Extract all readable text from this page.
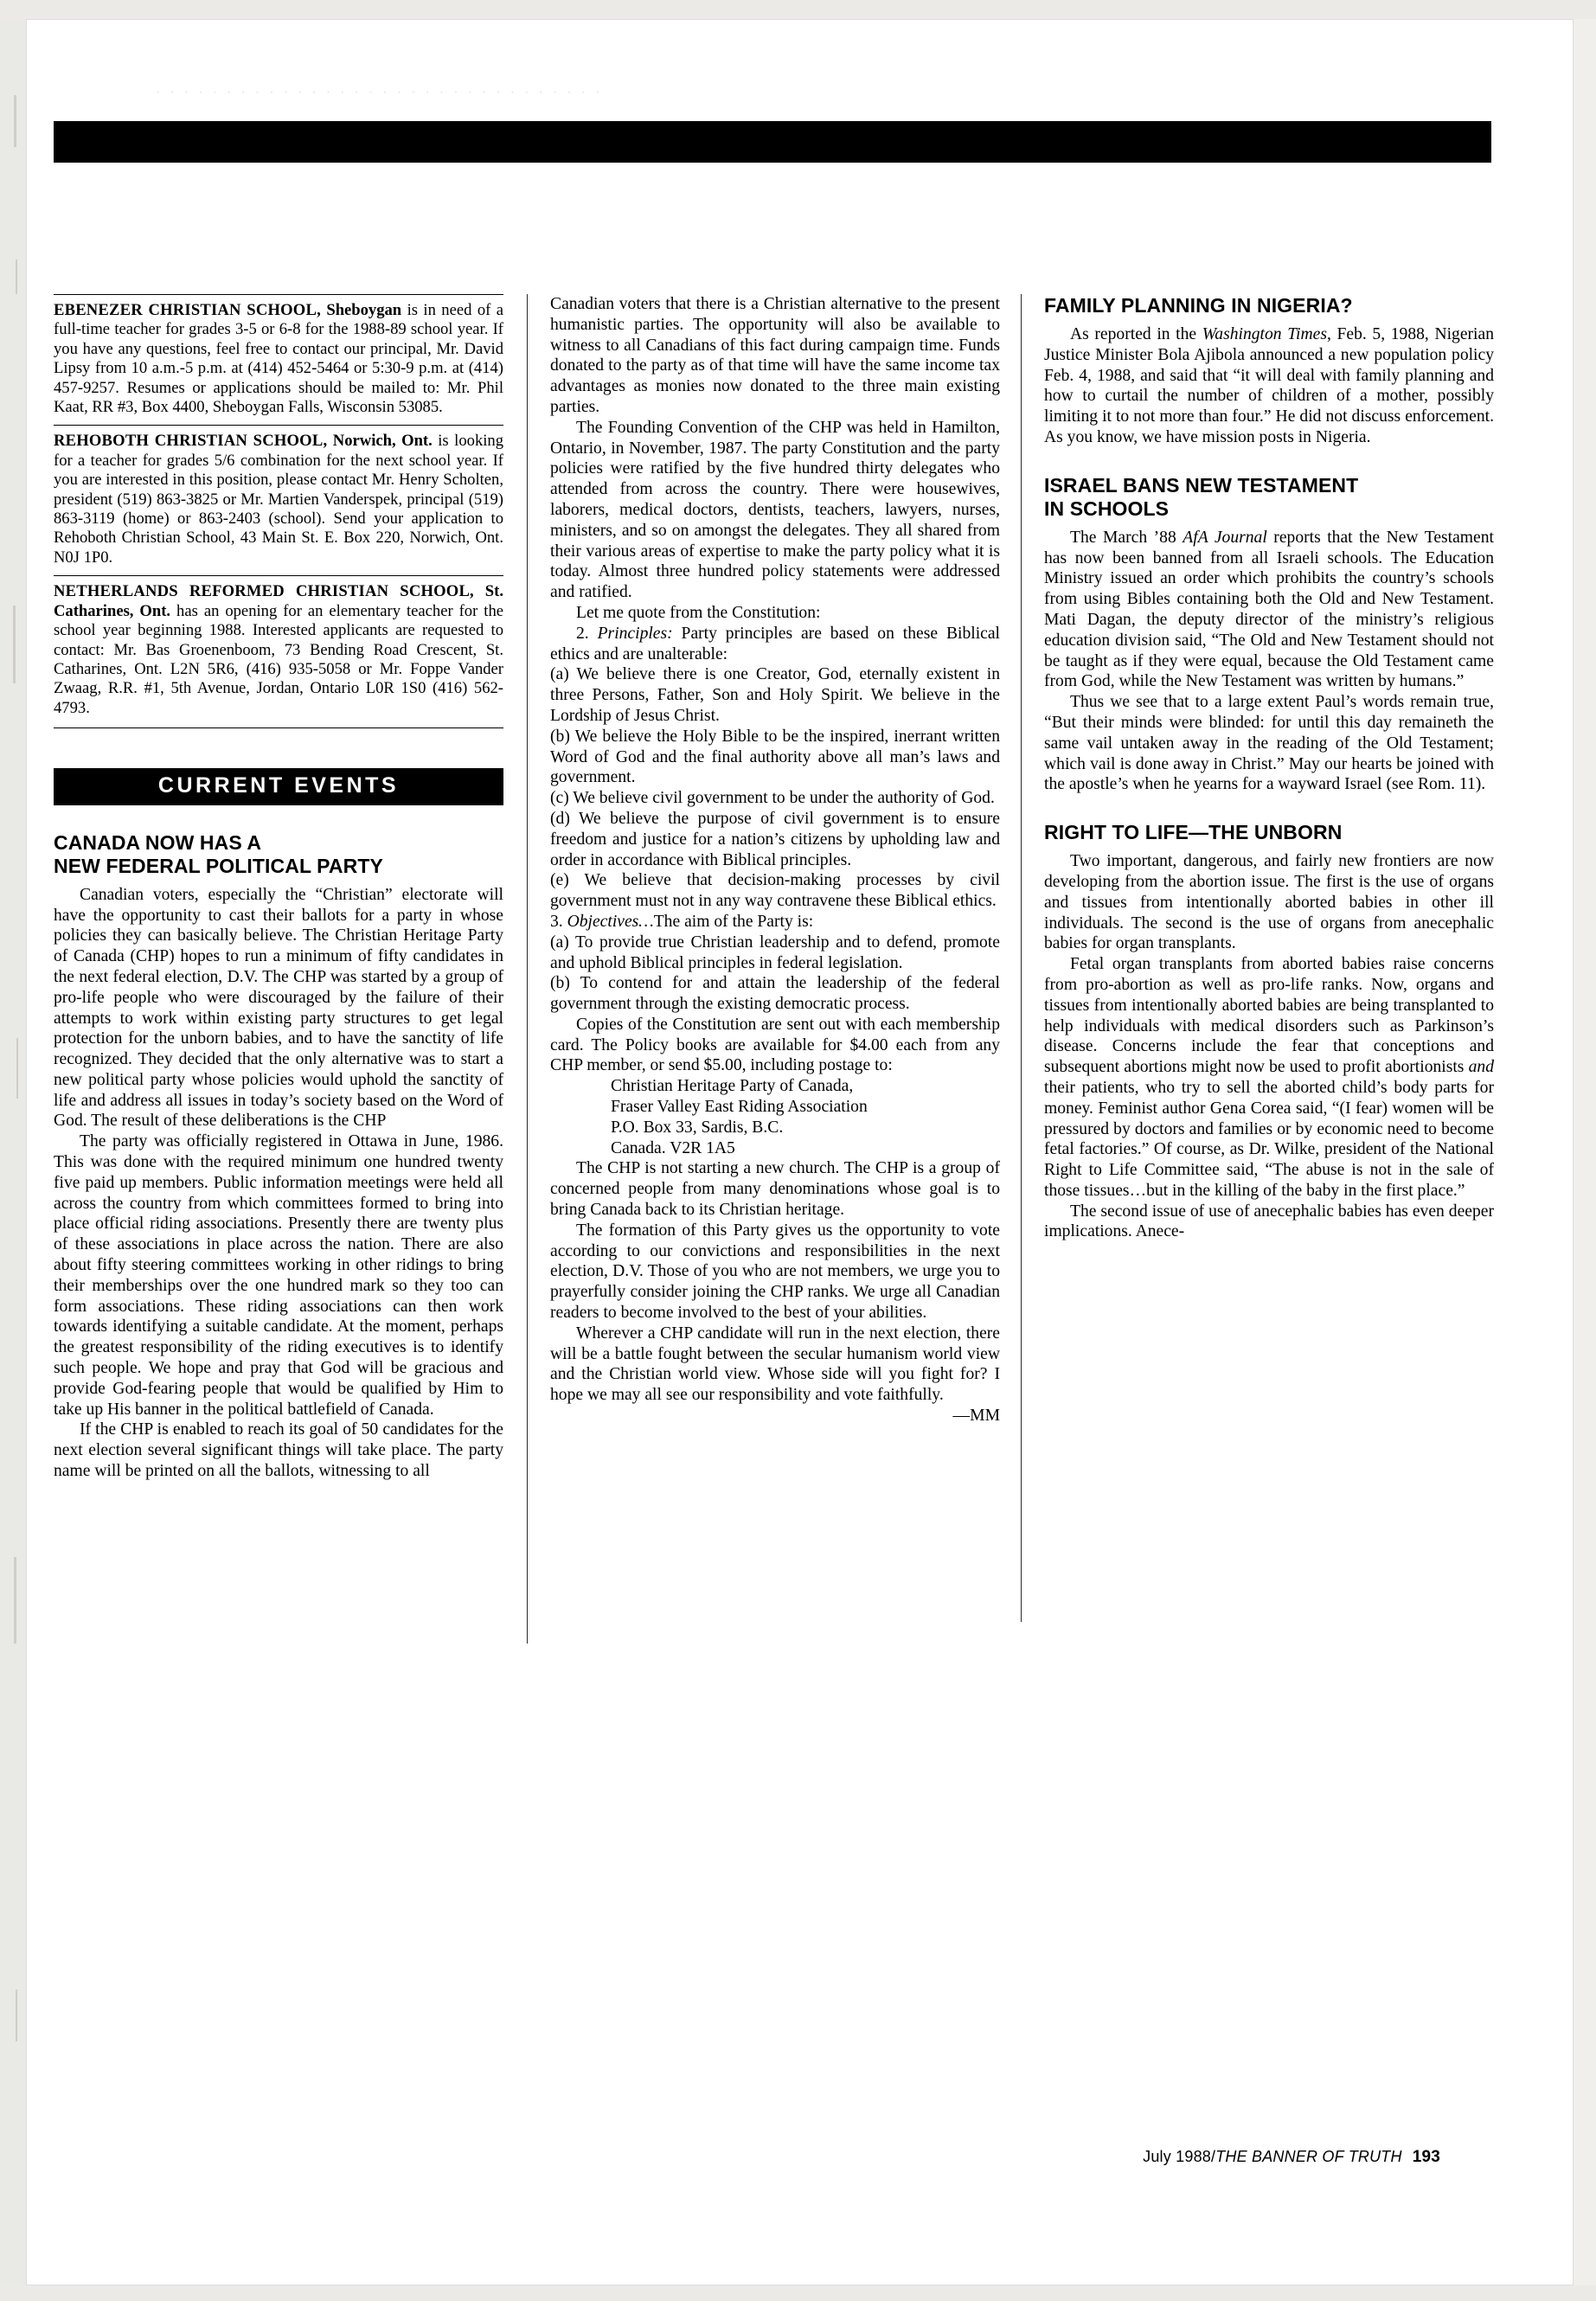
· · · · · · · · · · · · · · · · · · · · · · · · · · · · · · · ·
EBENEZER CHRISTIAN SCHOOL, Sheboygan is in need of a full-time teacher for grades 3-5 or 6-8 for the 1988-89 school year. If you have any questions, feel free to contact our principal, Mr. David Lipsy from 10 a.m.-5 p.m. at (414) 452-5464 or 5:30-9 p.m. at (414) 457-9257. Resumes or applications should be mailed to: Mr. Phil Kaat, RR #3, Box 4400, Sheboygan Falls, Wisconsin 53085.
REHOBOTH CHRISTIAN SCHOOL, Norwich, Ont. is looking for a teacher for grades 5/6 combination for the next school year. If you are interested in this position, please contact Mr. Henry Scholten, president (519) 863-3825 or Mr. Martien Vanderspek, principal (519) 863-3119 (home) or 863-2403 (school). Send your application to Rehoboth Christian School, 43 Main St. E. Box 220, Norwich, Ont. N0J 1P0.
NETHERLANDS REFORMED CHRISTIAN SCHOOL, St. Catharines, Ont. has an opening for an elementary teacher for the school year beginning 1988. Interested applicants are requested to contact: Mr. Bas Groenenboom, 73 Bending Road Crescent, St. Catharines, Ont. L2N 5R6, (416) 935-5058 or Mr. Foppe Vander Zwaag, R.R. #1, 5th Avenue, Jordan, Ontario L0R 1S0 (416) 562-4793.
CURRENT EVENTS
CANADA NOW HAS A
NEW FEDERAL POLITICAL PARTY

Canadian voters, especially the “Christian” electorate will have the opportunity to cast their ballots for a party in whose policies they can basically believe. The Christian Heritage Party of Canada (CHP) hopes to run a minimum of fifty candidates in the next federal election, D.V. The CHP was started by a group of pro-life people who were discouraged by the failure of their attempts to work within existing party structures to get legal protection for the unborn babies, and to have the sanctity of life recognized. They decided that the only alternative was to start a new political party whose policies would uphold the sanctity of life and address all issues in today’s society based on the Word of God. The result of these deliberations is the CHP

The party was officially registered in Ottawa in June, 1986. This was done with the required minimum one hundred twenty five paid up members. Public information meetings were held all across the country from which committees formed to bring into place official riding associations. Presently there are twenty plus of these associations in place across the nation. There are also about fifty steering committees working in other ridings to bring their memberships over the one hundred mark so they too can form associations. These riding associations can then work towards identifying a suitable candidate. At the moment, perhaps the greatest responsibility of the riding executives is to identify such people. We hope and pray that God will be gracious and provide God-fearing people that would be qualified by Him to take up His banner in the political battlefield of Canada.

If the CHP is enabled to reach its goal of 50 candidates for the next election several significant things will take place. The party name will be printed on all the ballots, witnessing to all

Canadian voters that there is a Christian alternative to the present humanistic parties. The opportunity will also be available to witness to all Canadians of this fact during campaign time. Funds donated to the party as of that time will have the same income tax advantages as monies now donated to the three main existing parties.

The Founding Convention of the CHP was held in Hamilton, Ontario, in November, 1987. The party Constitution and the party policies were ratified by the five hundred thirty delegates who attended from across the country. There were housewives, laborers, medical doctors, dentists, teachers, lawyers, nurses, ministers, and so on amongst the delegates. They all shared from their various areas of expertise to make the party policy what it is today. Almost three hundred policy statements were addressed and ratified.

Let me quote from the Constitution:

2. Principles: Party principles are based on these Biblical ethics and are unalterable:

(a) We believe there is one Creator, God, eternally existent in three Persons, Father, Son and Holy Spirit. We believe in the Lordship of Jesus Christ.

(b) We believe the Holy Bible to be the inspired, inerrant written Word of God and the final authority above all man’s laws and government.

(c) We believe civil government to be under the authority of God.

(d) We believe the purpose of civil government is to ensure freedom and justice for a nation’s citizens by upholding law and order in accordance with Biblical principles.

(e) We believe that decision-making processes by civil government must not in any way contravene these Biblical ethics.

3. Objectives…The aim of the Party is:

(a) To provide true Christian leadership and to defend, promote and uphold Biblical principles in federal legislation.

(b) To contend for and attain the leadership of the federal government through the existing democratic process.

Copies of the Constitution are sent out with each membership card. The Policy books are available for $4.00 each from any CHP member, or send $5.00, including postage to:

Christian Heritage Party of Canada,

Fraser Valley East Riding Association

P.O. Box 33, Sardis, B.C.

Canada. V2R 1A5

The CHP is not starting a new church. The CHP is a group of concerned people from many denominations whose goal is to bring Canada back to its Christian heritage.

The formation of this Party gives us the opportunity to vote according to our convictions and responsibilities in the next election, D.V. Those of you who are not members, we urge you to prayerfully consider joining the CHP ranks. We urge all Canadian readers to become involved to the best of your abilities.

Wherever a CHP candidate will run in the next election, there will be a battle fought between the secular humanism world view and the Christian world view. Whose side will you fight for? I hope we may all see our responsibility and vote faithfully.

—MM

FAMILY PLANNING IN NIGERIA?

As reported in the Washington Times, Feb. 5, 1988, Nigerian Justice Minister Bola Ajibola announced a new population policy Feb. 4, 1988, and said that “it will deal with family planning and how to curtail the number of children of a mother, possibly limiting it to not more than four.” He did not discuss enforcement. As you know, we have mission posts in Nigeria.

ISRAEL BANS NEW TESTAMENT
IN SCHOOLS

The March ’88 AfA Journal reports that the New Testament has now been banned from all Israeli schools. The Education Ministry issued an order which prohibits the country’s schools from using Bibles containing both the Old and New Testament. Mati Dagan, the deputy director of the ministry’s religious education division said, “The Old and New Testament should not be taught as if they were equal, because the Old Testament came from God, while the New Testament was written by humans.”

Thus we see that to a large extent Paul’s words remain true, “But their minds were blinded: for until this day remaineth the same vail untaken away in the reading of the Old Testament; which vail is done away in Christ.” May our hearts be joined with the apostle’s when he yearns for a wayward Israel (see Rom. 11).

RIGHT TO LIFE—THE UNBORN

Two important, dangerous, and fairly new frontiers are now developing from the abortion issue. The first is the use of organs and tissues from intentionally aborted babies in other ill individuals. The second is the use of organs from anecephalic babies for organ transplants.

Fetal organ transplants from aborted babies raise concerns from pro-abortion as well as pro-life ranks. Now, organs and tissues from intentionally aborted babies are being transplanted to help individuals with medical disorders such as Parkinson’s disease. Concerns include the fear that conceptions and subsequent abortions might now be used to profit abortionists and their patients, who try to sell the aborted child’s body parts for money. Feminist author Gena Corea said, “(I fear) women will be pressured by doctors and families or by economic need to become fetal factories.” Of course, as Dr. Wilke, president of the National Right to Life Committee said, “The abuse is not in the sale of those tissues…but in the killing of the baby in the first place.”

The second issue of use of anecephalic babies has even deeper implications. Anece-

July 1988/THE BANNER OF TRUTH 193
